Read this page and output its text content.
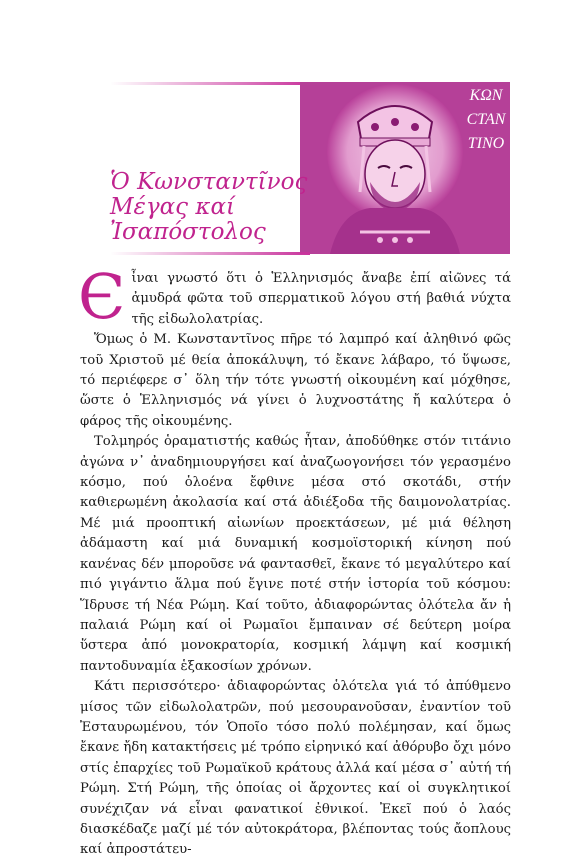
ΚΩΝ
СΤΑΝ
ΤΙΝΟ
Ὁ Κωνσταντῖνος
Μέγας καί
Ἰσαπόστολος

Єἶναι γνωστό ὅτι ὁ Ἑλληνισμός ἄναβε ἐπί αἰῶνες τά ἀμυδρά φῶτα τοῦ σπερματικοῦ λόγου στή βαθιά νύχτα τῆς εἰδωλολατρίας.

Ὅμως ὁ Μ. Κωνσταντῖνος πῆρε τό λαμπρό καί ἀληθινό φῶς τοῦ Χριστοῦ μέ θεία ἀποκάλυψη, τό ἔκανε λάβαρο, τό ὕψωσε, τό περιέφερε σ᾽ ὅλη τήν τότε γνωστή οἰκουμένη καί μόχθησε, ὥστε ὁ Ἑλληνισμός νά γίνει ὁ λυχνοστάτης ἤ καλύτερα ὁ φάρος τῆς οἰκουμένης.

Τολμηρός ὁραματιστής καθώς ἦταν, ἀποδύθηκε στόν τιτάνιο ἀγώνα ν᾽ ἀναδημιουργήσει καί ἀναζωογονήσει τόν γερασμένο κόσμο, πού ὁλοένα ἔφθινε μέσα στό σκοτάδι, στήν καθιερωμένη ἀκολασία καί στά ἀδιέξοδα τῆς δαιμονολατρίας. Μέ μιά προοπτική αἰωνίων προεκτάσεων, μέ μιά θέληση ἀδάμαστη καί μιά δυναμική κοσμοϊστορική κίνηση πού κανένας δέν μποροῦσε νά φαντασθεῖ, ἔκανε τό μεγαλύτερο καί πιό γιγάντιο ἅλμα πού ἔγινε ποτέ στήν ἱστορία τοῦ κόσμου: Ἵδρυσε τή Νέα Ρώμη. Καί τοῦτο, ἀδιαφορώντας ὁλότελα ἄν ἡ παλαιά Ρώμη καί οἱ Ρωμαῖοι ἔμπαιναν σέ δεύτερη μοίρα ὕστερα ἀπό μονοκρατορία, κοσμική λάμψη καί κοσμική παντοδυναμία ἑξακοσίων χρόνων.

Κάτι περισσότερο· ἀδιαφορώντας ὁλότελα γιά τό ἀπύθμενο μίσος τῶν εἰδωλολατρῶν, πού μεσουρανοῦσαν, ἐναντίον τοῦ Ἐσταυρωμένου, τόν Ὁποῖο τόσο πολύ πολέμησαν, καί ὅμως ἔκανε ἤδη κατακτήσεις μέ τρόπο εἰρηνικό καί ἀθόρυβο ὄχι μόνο στίς ἐπαρχίες τοῦ Ρωμαϊκοῦ κράτους ἀλλά καί μέσα σ᾽ αὐτή τή Ρώμη. Στή Ρώμη, τῆς ὁποίας οἱ ἄρχοντες καί οἱ συγκλητικοί συνέχιζαν νά εἶναι φανατικοί ἐθνικοί. Ἐκεῖ πού ὁ λαός διασκέδαζε μαζί μέ τόν αὐτοκράτορα, βλέποντας τούς ἄοπλους καί ἀπροστάτευ-
